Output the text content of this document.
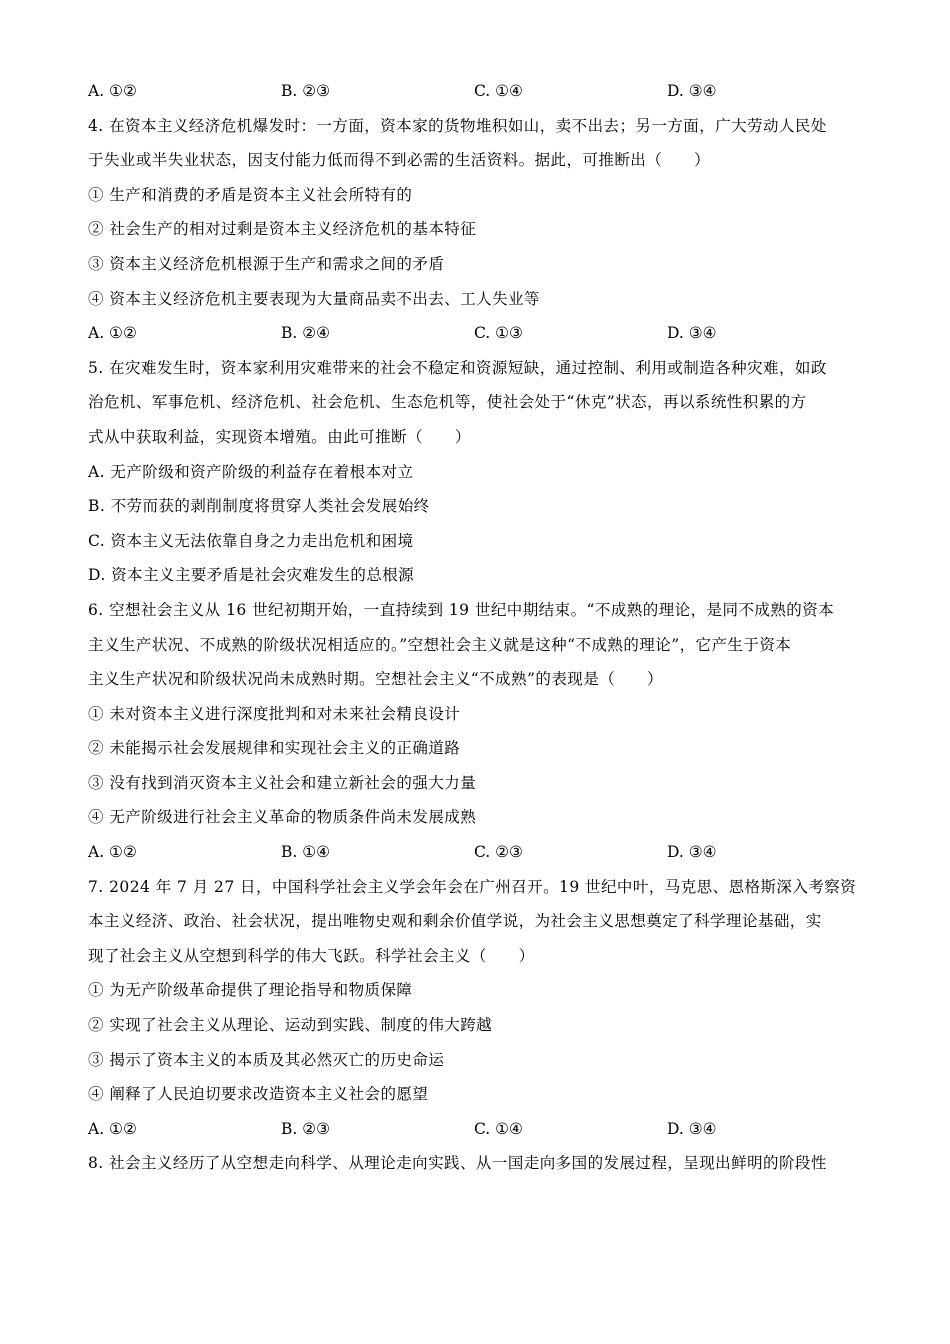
A. ①②	B. ②③	C. ①④	D. ③④
4. 在资本主义经济危机爆发时：一方面，资本家的货物堆积如山，卖不出去；另一方面，广大劳动人民处
于失业或半失业状态，因支付能力低而得不到必需的生活资料。据此，可推断出（　　）
① 生产和消费的矛盾是资本主义社会所特有的
② 社会生产的相对过剩是资本主义经济危机的基本特征
③ 资本主义经济危机根源于生产和需求之间的矛盾
④ 资本主义经济危机主要表现为大量商品卖不出去、工人失业等
A. ①②	B. ②④	C. ①③	D. ③④
5. 在灾难发生时，资本家利用灾难带来的社会不稳定和资源短缺，通过控制、利用或制造各种灾难，如政
治危机、军事危机、经济危机、社会危机、生态危机等，使社会处于“休克”状态，再以系统性积累的方
式从中获取利益，实现资本增殖。由此可推断（　　）
A. 无产阶级和资产阶级的利益存在着根本对立
B. 不劳而获的剥削制度将贯穿人类社会发展始终
C. 资本主义无法依靠自身之力走出危机和困境
D. 资本主义主要矛盾是社会灾难发生的总根源
6. 空想社会主义从 16 世纪初期开始，一直持续到 19 世纪中期结束。“不成熟的理论，是同不成熟的资本
主义生产状况、不成熟的阶级状况相适应的。”空想社会主义就是这种“不成熟的理论”，它产生于资本
主义生产状况和阶级状况尚未成熟时期。空想社会主义“不成熟”的表现是（　　）
① 未对资本主义进行深度批判和对未来社会精良设计
② 未能揭示社会发展规律和实现社会主义的正确道路
③ 没有找到消灭资本主义社会和建立新社会的强大力量
④ 无产阶级进行社会主义革命的物质条件尚未发展成熟
A. ①②	B. ①④	C. ②③	D. ③④
7. 2024 年 7 月 27 日，中国科学社会主义学会年会在广州召开。19 世纪中叶，马克思、恩格斯深入考察资
本主义经济、政治、社会状况，提出唯物史观和剩余价值学说，为社会主义思想奠定了科学理论基础，实
现了社会主义从空想到科学的伟大飞跃。科学社会主义（　　）
① 为无产阶级革命提供了理论指导和物质保障
② 实现了社会主义从理论、运动到实践、制度的伟大跨越
③ 揭示了资本主义的本质及其必然灭亡的历史命运
④ 阐释了人民迫切要求改造资本主义社会的愿望
A. ①②	B. ②③	C. ①④	D. ③④
8. 社会主义经历了从空想走向科学、从理论走向实践、从一国走向多国的发展过程，呈现出鲜明的阶段性
